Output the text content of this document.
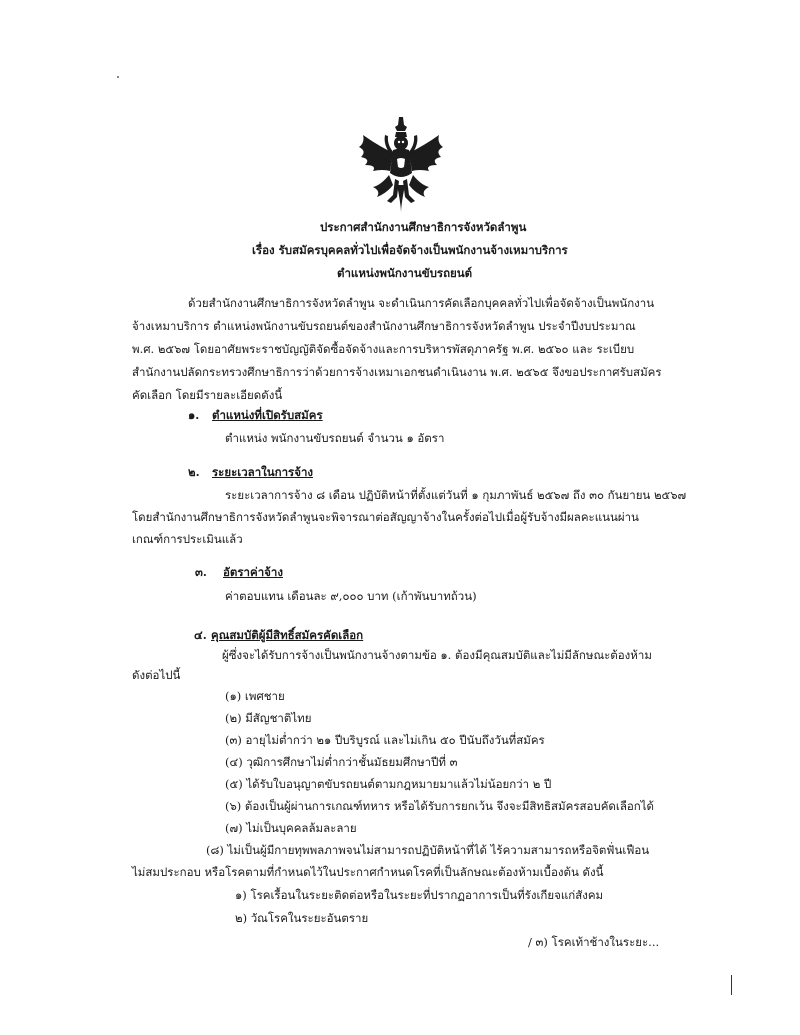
ประกาศสำนักงานศึกษาธิการจังหวัดลำพูน
เรื่อง รับสมัครบุคคลทั่วไปเพื่อจัดจ้างเป็นพนักงานจ้างเหมาบริการ
ตำแหน่งพนักงานขับรถยนต์
ด้วยสำนักงานศึกษาธิการจังหวัดลำพูน จะดำเนินการคัดเลือกบุคคลทั่วไปเพื่อจัดจ้างเป็นพนักงาน
จ้างเหมาบริการ ตำแหน่งพนักงานขับรถยนต์ของสำนักงานศึกษาธิการจังหวัดลำพูน ประจำปีงบประมาณ
พ.ศ. ๒๕๖๗ โดยอาศัยพระราชบัญญัติจัดซื้อจัดจ้างและการบริหารพัสดุภาครัฐ พ.ศ. ๒๕๖๐ และ ระเบียบ
สำนักงานปลัดกระทรวงศึกษาธิการว่าด้วยการจ้างเหมาเอกชนดำเนินงาน พ.ศ. ๒๕๖๕ จึงขอประกาศรับสมัคร
คัดเลือก โดยมีรายละเอียดดังนี้
๑. ตำแหน่งที่เปิดรับสมัคร
ตำแหน่ง พนักงานขับรถยนต์ จำนวน ๑ อัตรา
๒. ระยะเวลาในการจ้าง
ระยะเวลาการจ้าง ๘ เดือน ปฏิบัติหน้าที่ตั้งแต่วันที่ ๑ กุมภาพันธ์ ๒๕๖๗ ถึง ๓๐ กันยายน ๒๕๖๗
โดยสำนักงานศึกษาธิการจังหวัดลำพูนจะพิจารณาต่อสัญญาจ้างในครั้งต่อไปเมื่อผู้รับจ้างมีผลคะแนนผ่าน
เกณฑ์การประเมินแล้ว
๓. อัตราค่าจ้าง
ค่าตอบแทน เดือนละ ๙,๐๐๐ บาท (เก้าพันบาทถ้วน)
๔. คุณสมบัติผู้มีสิทธิ์สมัครคัดเลือก
ผู้ซึ่งจะได้รับการจ้างเป็นพนักงานจ้างตามข้อ ๑. ต้องมีคุณสมบัติและไม่มีลักษณะต้องห้าม
ดังต่อไปนี้
(๑) เพศชาย
(๒) มีสัญชาติไทย
(๓) อายุไม่ต่ำกว่า ๒๑ ปีบริบูรณ์ และไม่เกิน ๕๐ ปีนับถึงวันที่สมัคร
(๔) วุฒิการศึกษาไม่ต่ำกว่าชั้นมัธยมศึกษาปีที่ ๓
(๕) ได้รับใบอนุญาตขับรถยนต์ตามกฎหมายมาแล้วไม่น้อยกว่า ๒ ปี
(๖) ต้องเป็นผู้ผ่านการเกณฑ์ทหาร หรือได้รับการยกเว้น จึงจะมีสิทธิสมัครสอบคัดเลือกได้
(๗) ไม่เป็นบุคคลล้มละลาย
(๘) ไม่เป็นผู้มีกายทุพพลภาพจนไม่สามารถปฏิบัติหน้าที่ได้ ไร้ความสามารถหรือจิตฟั่นเฟือน
ไม่สมประกอบ หรือโรคตามที่กำหนดไว้ในประกาศกำหนดโรคที่เป็นลักษณะต้องห้ามเบื้องต้น ดังนี้
๑) โรคเรื้อนในระยะติดต่อหรือในระยะที่ปรากฏอาการเป็นที่รังเกียจแก่สังคม
๒) วัณโรคในระยะอันตราย
/ ๓) โรคเท้าช้างในระยะ...
